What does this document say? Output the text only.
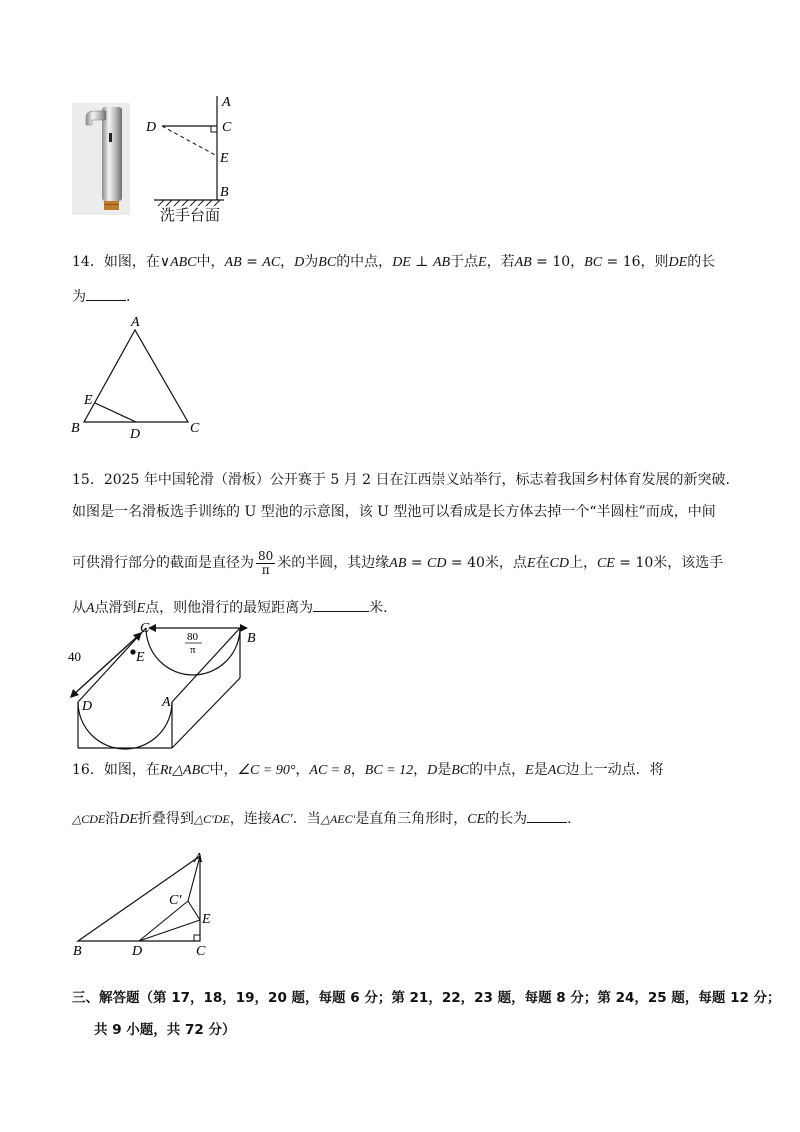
A
C
D
E
B
洗手台面
14．如图，在∨ABC中，AB = AC，D为BC的中点，DE ⊥ AB于点E，若AB = 10，BC = 16，则DE的长
为	.
A
E
B	D	C
15．2025 年中国轮滑（滑板）公开赛于 5 月 2 日在江西崇义站举行，标志着我国乡村体育发展的新突破.
如图是一名滑板选手训练的 U 型池的示意图，该 U 型池可以看成是长方体去掉一个“半圆柱”而成，中间
可供滑行部分的截面是直径为 $\frac{80}{\pi}$ 米的半圆，其边缘AB = CD = 40米，点E在CD上，CE = 10米，该选手
从A点滑到E点，则他滑行的最短距离为	米.
80
π
40
C
B
E
A
D
16．如图，在Rt△ABC中，∠C = 90°，AC = 8，BC = 12，D是BC的中点，E是AC边上一动点．将
△CDE沿DE折叠得到△C′DE，连接AC′．当△AEC′是直角三角形时，CE的长为	.
A
C′
E
B	D	C
三、解答题（第 17，18，19，20 题，每题 6 分；第 21，22，23 题，每题 8 分；第 24，25 题，每题 12 分；
共 9 小题，共 72 分）
